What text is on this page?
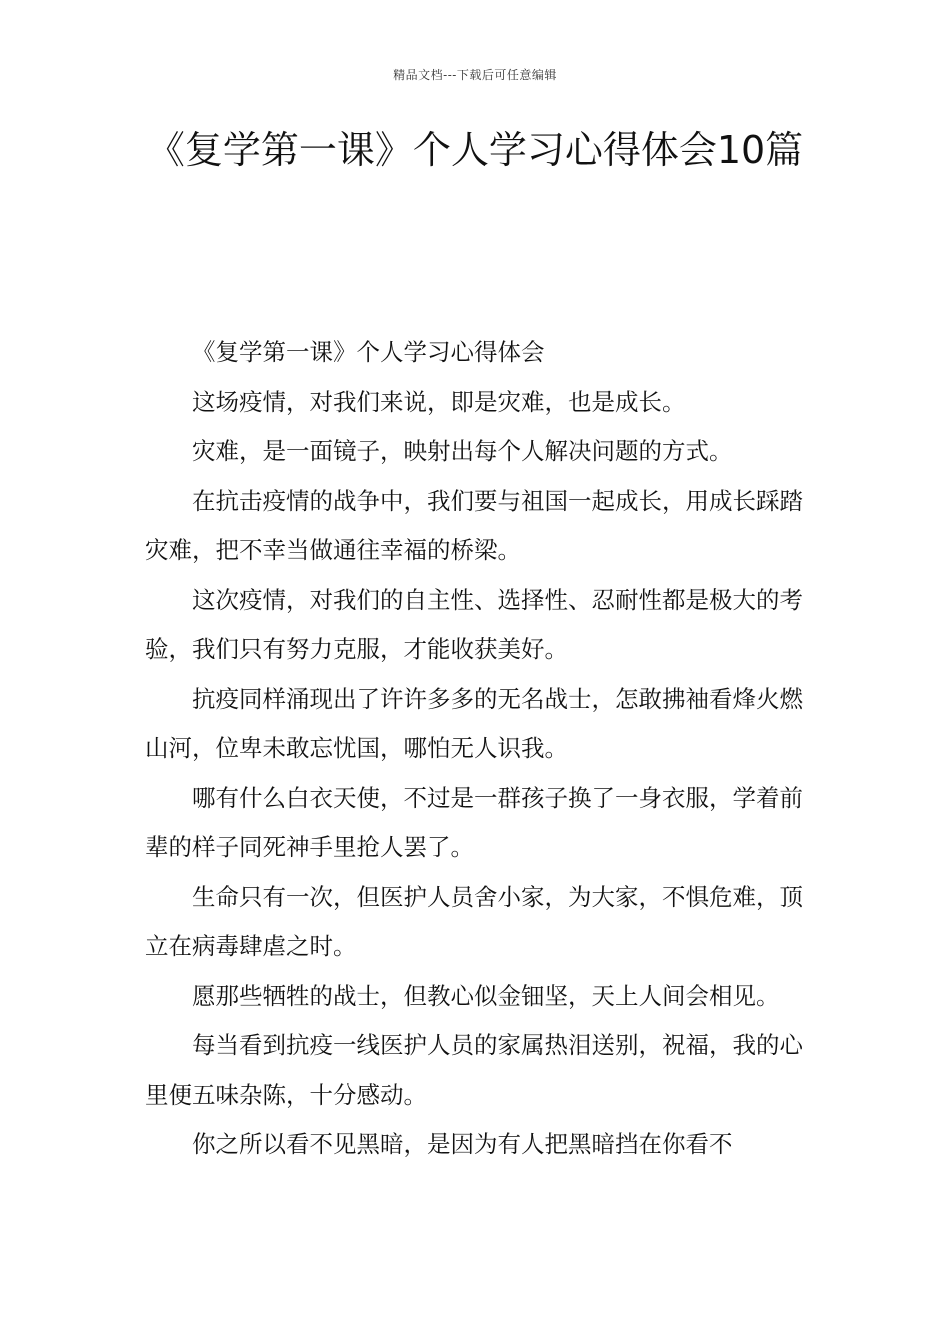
精品文档---下载后可任意编辑
《复学第一课》个人学习心得体会10篇

《复学第一课》个人学习心得体会

这场疫情，对我们来说，即是灾难，也是成长。

灾难，是一面镜子，映射出每个人解决问题的方式。

在抗击疫情的战争中，我们要与祖国一起成长，用成长踩踏灾难，把不幸当做通往幸福的桥梁。

这次疫情，对我们的自主性、选择性、忍耐性都是极大的考验，我们只有努力克服，才能收获美好。

抗疫同样涌现出了许许多多的无名战士，怎敢拂袖看烽火燃山河，位卑未敢忘忧国，哪怕无人识我。

哪有什么白衣天使，不过是一群孩子换了一身衣服，学着前辈的样子同死神手里抢人罢了。

生命只有一次，但医护人员舍小家，为大家，不惧危难，顶立在病毒肆虐之时。

愿那些牺牲的战士，但教心似金钿坚，天上人间会相见。

每当看到抗疫一线医护人员的家属热泪送别，祝福，我的心里便五味杂陈，十分感动。

你之所以看不见黑暗，是因为有人把黑暗挡在你看不
